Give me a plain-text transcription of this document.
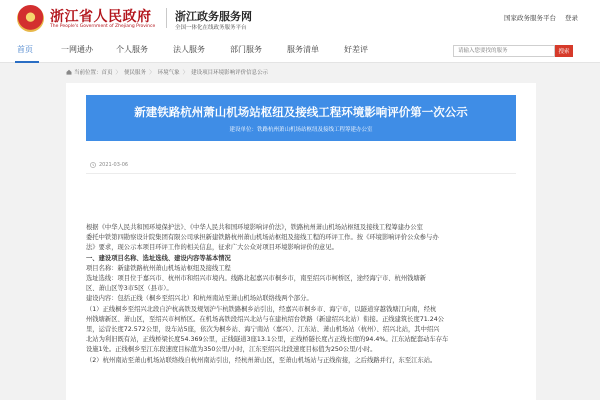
浙江省人民政府
The People's Government of Zhejiang Province
浙江政务服务网
全国一体化在线政务服务平台
国家政务服务平台 登录
首页	一网通办	个人服务	法人服务	部门服务	服务清单	好差评
请输入您要找的服务	搜索
当前位置： 首页 〉 便民服务 〉 环境气象 〉 建设项目环境影响评价信息公示
新建铁路杭州萧山机场站枢纽及接线工程环境影响评价第一次公示
建设单位：铁路杭州萧山机场站枢纽及接线工程筹建办公室
2021-03-06

根据《中华人民共和国环境保护法》、《中华人民共和国环境影响评价法》，铁路杭州萧山机场站枢纽及接线工程筹建办公室

委托中铁第四勘察设计院集团有限公司承担新建铁路杭州萧山机场站枢纽及接线工程的环评工作。按《环境影响评价公众参与办

法》要求，现公示本项目环评工作的相关信息，征求广大公众对项目环境影响评价的意见。

一、建设项目名称、选址选线、建设内容等基本情况

项目名称：新建铁路杭州萧山机场站枢纽及接线工程

选址选线：项目位于嘉兴市、杭州市和绍兴市境内。线路北起嘉兴市桐乡市，南至绍兴市柯桥区，途经海宁市、杭州钱塘新

区、萧山区等3市5区（县市）。

建设内容：包括正线（桐乡至绍兴北）和杭州南站至萧山机场站联络线两个部分。

（1）正线桐乡至绍兴北段自沪杭高铁及规划沪乍杭铁路桐乡站引出，经嘉兴市桐乡市、海宁市，以隧道穿越钱塘江向南，经杭

州钱塘新区、萧山区，至绍兴市柯桥区。在机场高铁段绍兴北站与在建杭绍台铁路（新建绍兴北站）衔接。正线建筑长度71.24公

里，运营长度72.572公里，设车站5座，依次为桐乡站、海宁南站（嘉兴）、江东站、萧山机场站（杭州）、绍兴北站，其中绍兴

北站为利旧既有站，正线桥梁长度54.369公里，正线隧道3座13.1公里，正线桥隧长度占正线长度的94.4%。江东站配套动车存车

设施1处。正线桐乡至江东段速度目标值为350公里/小时，江东至绍兴北段速度目标值为250公里/小时。

（2）杭州南站至萧山机场站联络线自杭州南站引出，经杭州萧山区，至萧山机场站与正线衔接，之后线路并行，东至江东站。
